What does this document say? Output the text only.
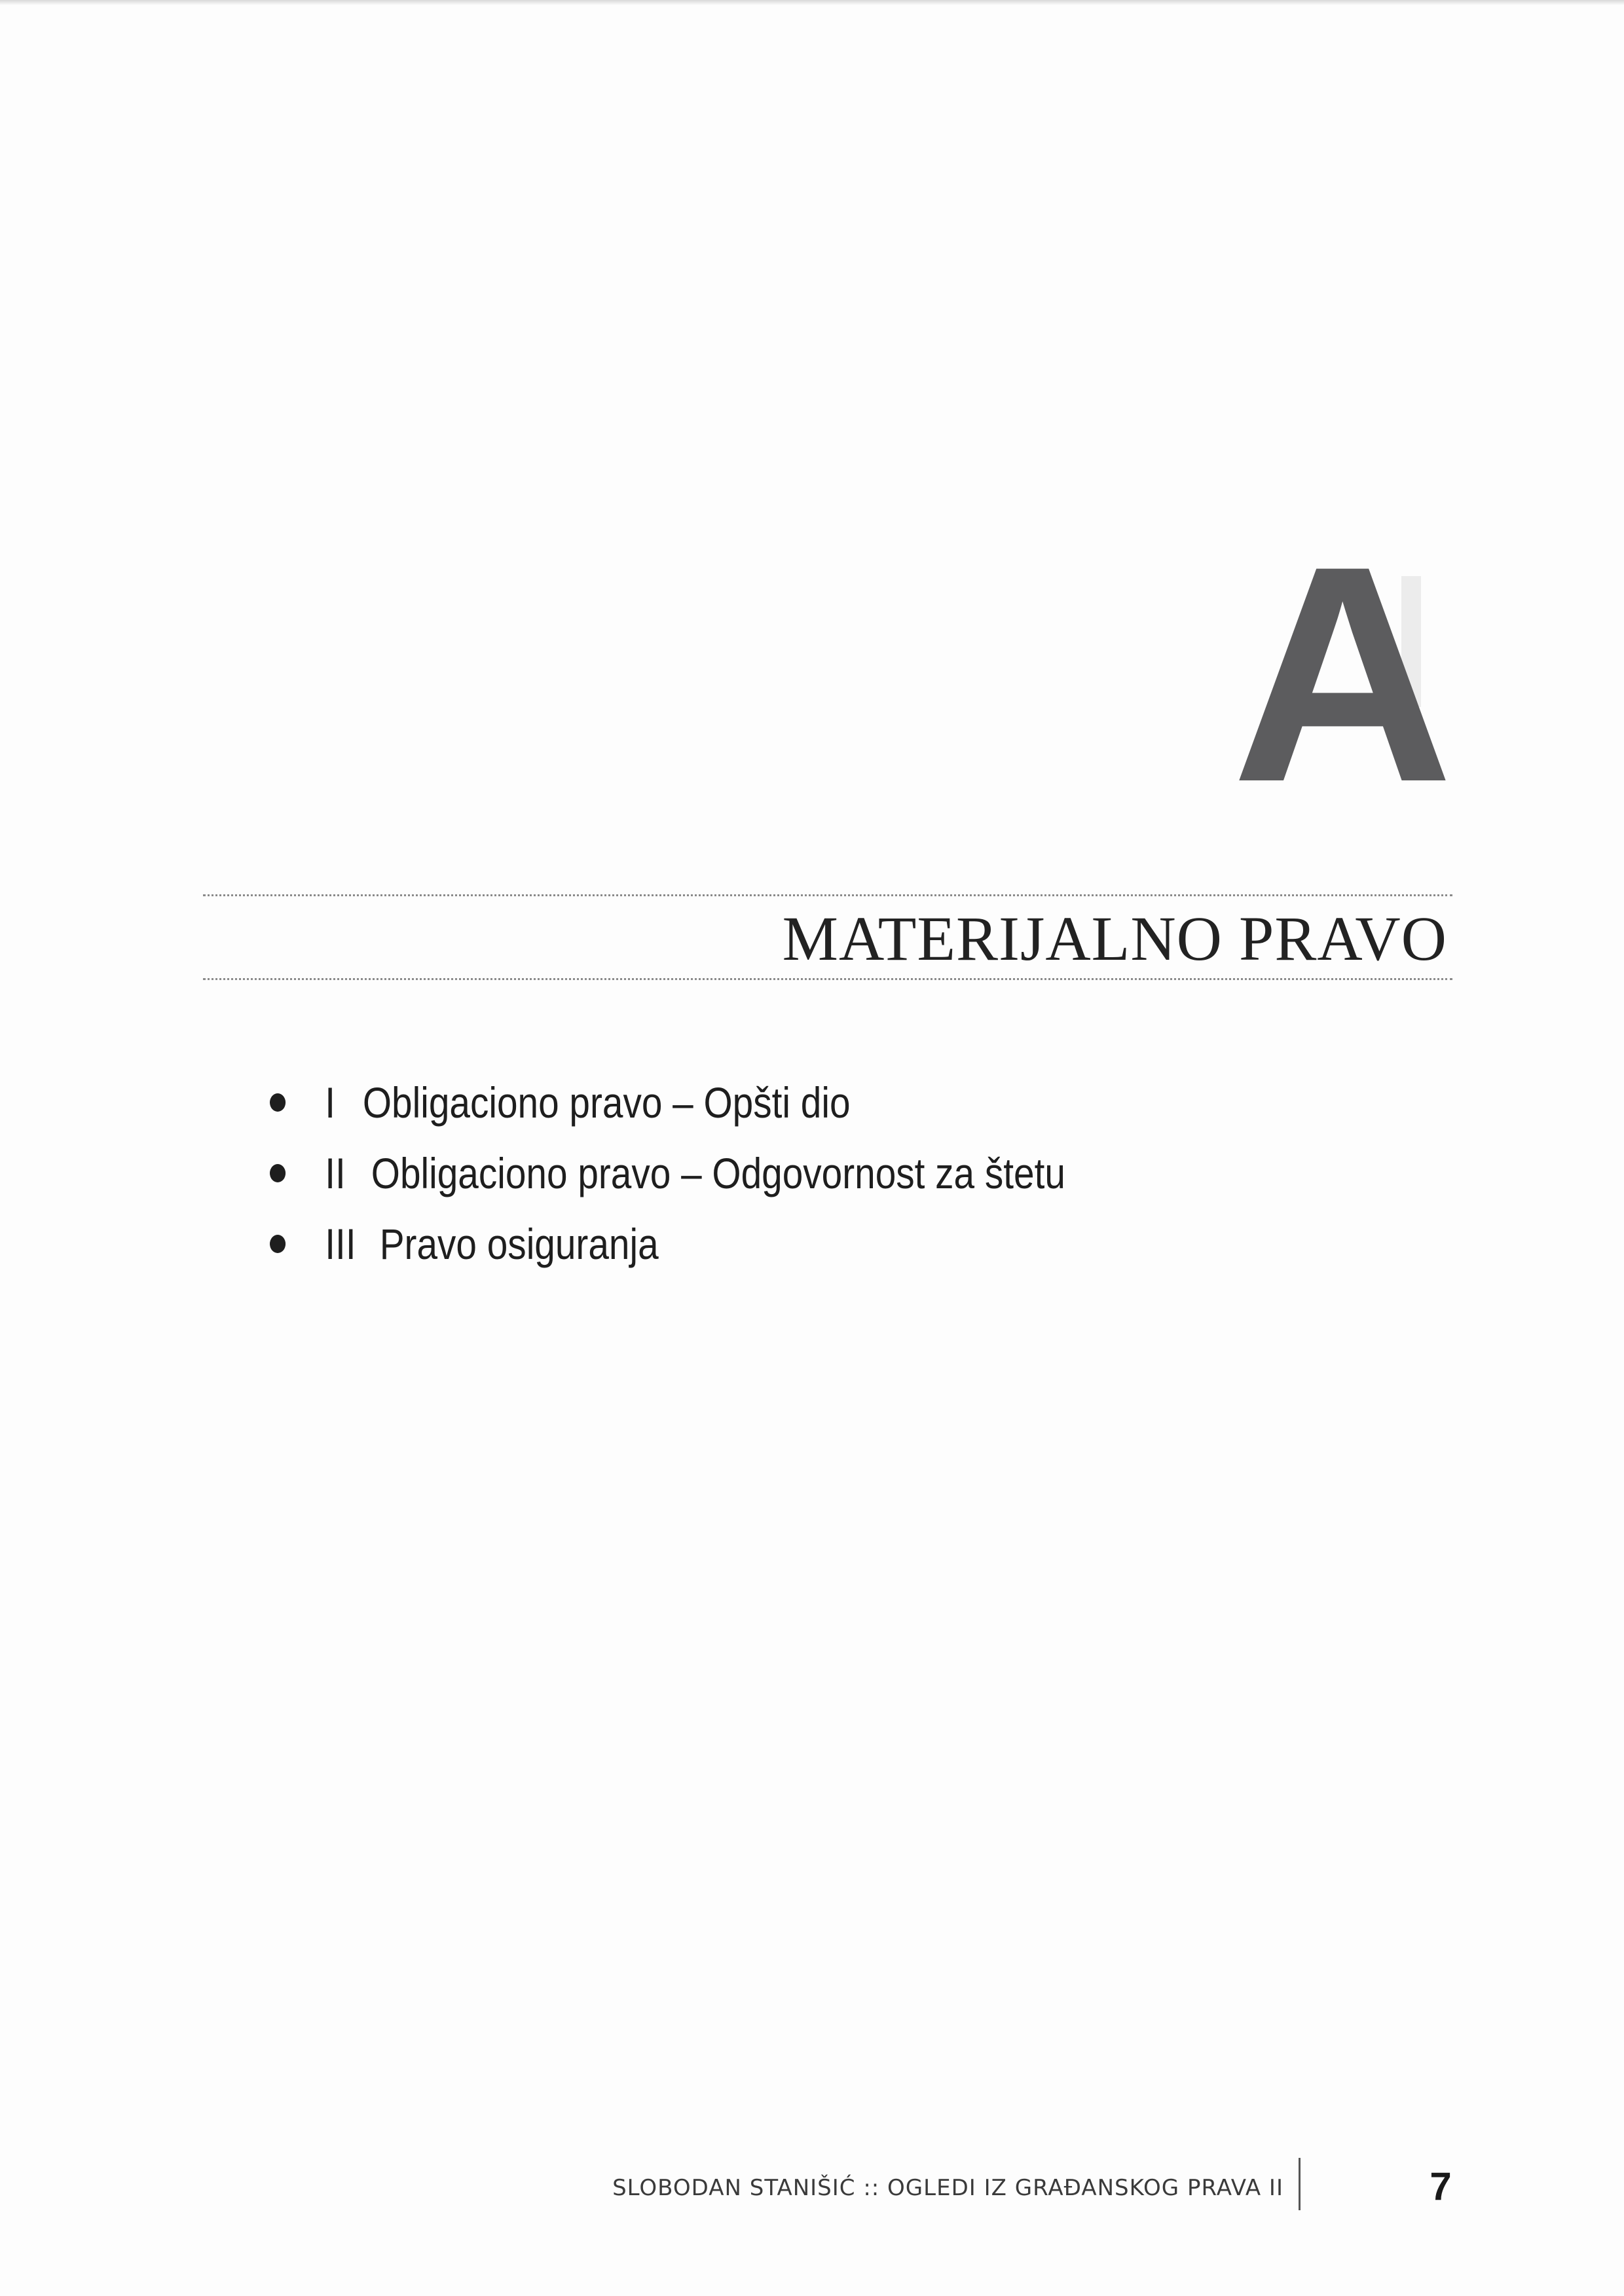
A
MATERIJALNO PRAVO
I Obligaciono pravo – Opšti dio
II Obligaciono pravo – Odgovornost za štetu
III Pravo osiguranja
SLOBODAN STANIŠIĆ :: OGLEDI IZ GRAĐANSKOG PRAVA II	7
